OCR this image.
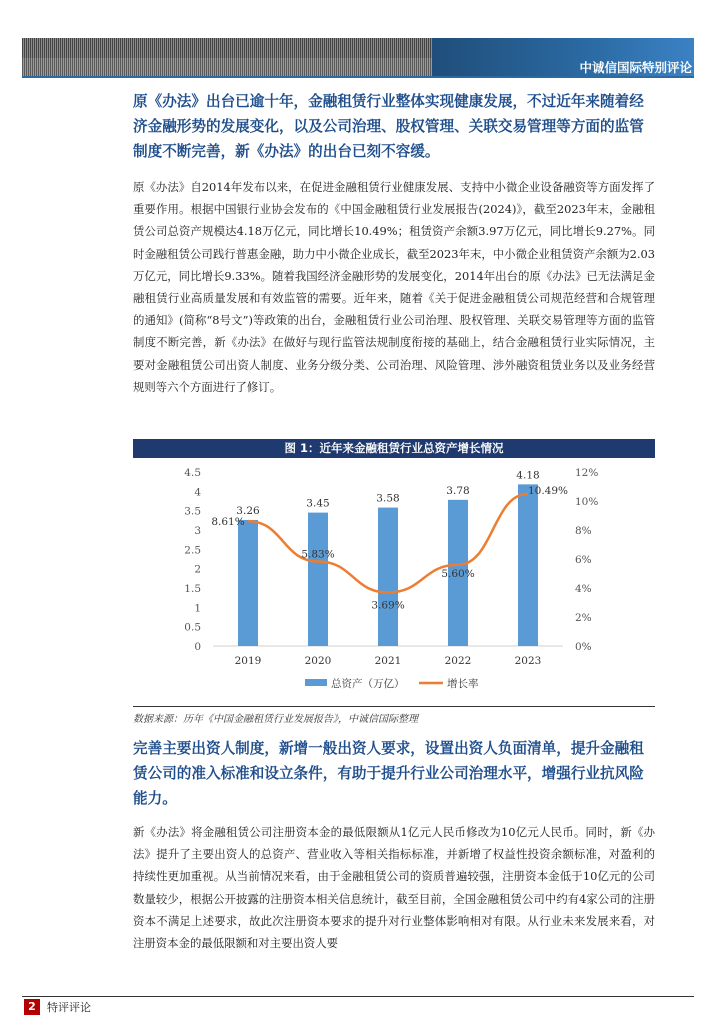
中诚信国际特别评论

原《办法》出台已逾十年，金融租赁行业整体实现健康发展，不过近年来随着经济金融形势的发展变化，以及公司治理、股权管理、关联交易管理等方面的监管制度不断完善，新《办法》的出台已刻不容缓。

原《办法》自2014年发布以来，在促进金融租赁行业健康发展、支持中小微企业设备融资等方面发挥了重要作用。根据中国银行业协会发布的《中国金融租赁行业发展报告(2024)》，截至2023年末，金融租赁公司总资产规模达4.18万亿元，同比增长10.49%；租赁资产余额3.97万亿元，同比增长9.27%。同时金融租赁公司践行普惠金融，助力中小微企业成长，截至2023年末，中小微企业租赁资产余额为2.03万亿元，同比增长9.33%。随着我国经济金融形势的发展变化，2014年出台的原《办法》已无法满足金融租赁行业高质量发展和有效监管的需要。近年来，随着《关于促进金融租赁公司规范经营和合规管理的通知》(简称“8号文”)等政策的出台，金融租赁行业公司治理、股权管理、关联交易管理等方面的监管制度不断完善，新《办法》在做好与现行监管法规制度衔接的基础上，结合金融租赁行业实际情况，主要对金融租赁公司出资人制度、业务分级分类、公司治理、风险管理、涉外融资租赁业务以及业务经营规则等六个方面进行了修订。

图 1：近年来金融租赁行业总资产增长情况
0
0.5
1
1.5
2
2.5
3
3.5
4
4.5
0%
2%
4%
6%
8%
10%
12%
3.26
3.45	3.58
3.78
4.18
2019	2020	2021	2022	2023
8.61%
5.83%
3.69%
5.60%
10.49%
总资产（万亿）	增长率
数据来源：历年《中国金融租赁行业发展报告》，中诚信国际整理

完善主要出资人制度，新增一般出资人要求，设置出资人负面清单，提升金融租赁公司的准入标准和设立条件，有助于提升行业公司治理水平，增强行业抗风险能力。

新《办法》将金融租赁公司注册资本金的最低限额从1亿元人民币修改为10亿元人民币。同时，新《办法》提升了主要出资人的总资产、营业收入等相关指标标准，并新增了权益性投资余额标准，对盈利的持续性更加重视。从当前情况来看，由于金融租赁公司的资质普遍较强，注册资本金低于10亿元的公司数量较少，根据公开披露的注册资本相关信息统计，截至目前，全国金融租赁公司中约有4家公司的注册资本不满足上述要求，故此次注册资本要求的提升对行业整体影响相对有限。从行业未来发展来看，对注册资本金的最低限额和对主要出资人要

2	特评评论
